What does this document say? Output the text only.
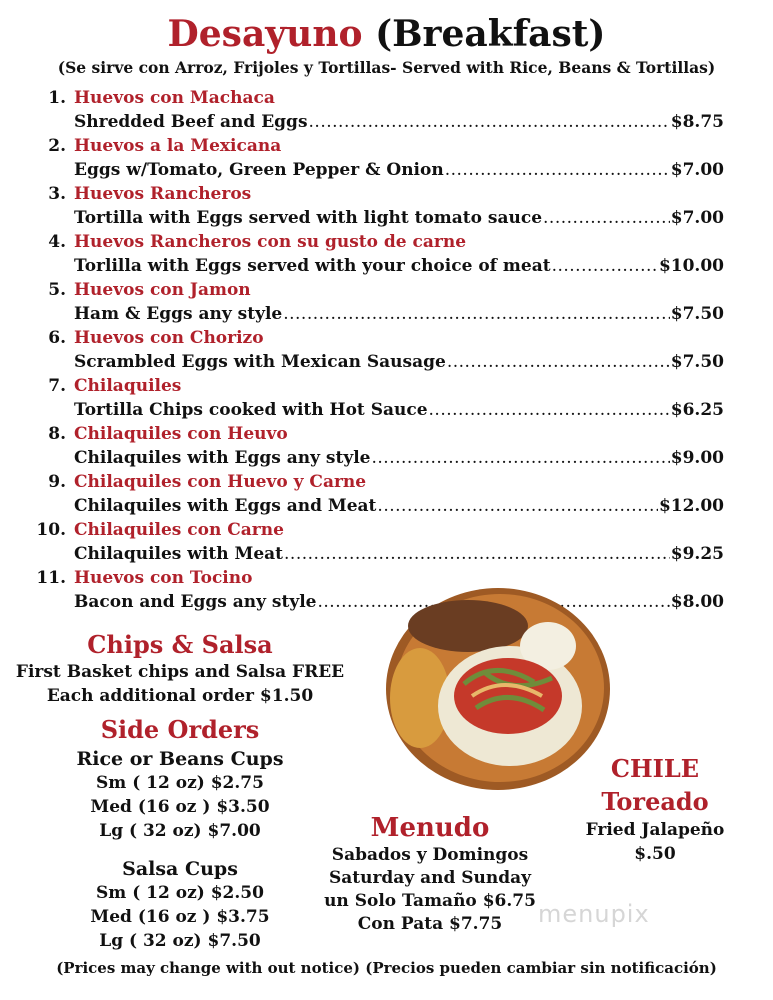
Desayuno (Breakfast)
(Se sirve con Arroz, Frijoles y Tortillas- Served with Rice, Beans & Tortillas)
1. Huevos con Machaca
Shredded Beef and Eggs .....	$8.75
2. Huevos a la Mexicana
Eggs w/Tomato, Green Pepper & Onion .....	$7.00
3. Huevos Rancheros
Tortilla with Eggs served with light tomato sauce .....	$7.00
4. Huevos Rancheros con su gusto de carne
Torlilla with Eggs served with your choice of meat .....	$10.00
5. Huevos con Jamon
Ham & Eggs any style .....	$7.50
6. Huevos con Chorizo
Scrambled Eggs with Mexican Sausage .....	$7.50
7. Chilaquiles
Tortilla Chips cooked with Hot Sauce .....	$6.25
8. Chilaquiles con Heuvo
Chilaquiles with Eggs any style .....	$9.00
9. Chilaquiles con Huevo y Carne
Chilaquiles with Eggs and Meat .....	$12.00
10. Chilaquiles con Carne
Chilaquiles with Meat .....	$9.25
11. Huevos con Tocino
Bacon and Eggs any style .....	$8.00
Chips & Salsa
First Basket chips and Salsa FREE
Each additional order $1.50
Side Orders
Rice or Beans Cups
Sm ( 12 oz) $2.75
Med (16 oz ) $3.50
Lg ( 32 oz) $7.00
Salsa Cups
Sm ( 12 oz) $2.50
Med (16 oz ) $3.75
Lg ( 32 oz) $7.50
CHILE
Toreado
Fried Jalapeño
$.50
Menudo
Sabados y Domingos
Saturday and Sunday
un Solo Tamaño $6.75
Con Pata $7.75	menupix
(Prices may change with out notice) (Precios pueden cambiar sin notificación)
